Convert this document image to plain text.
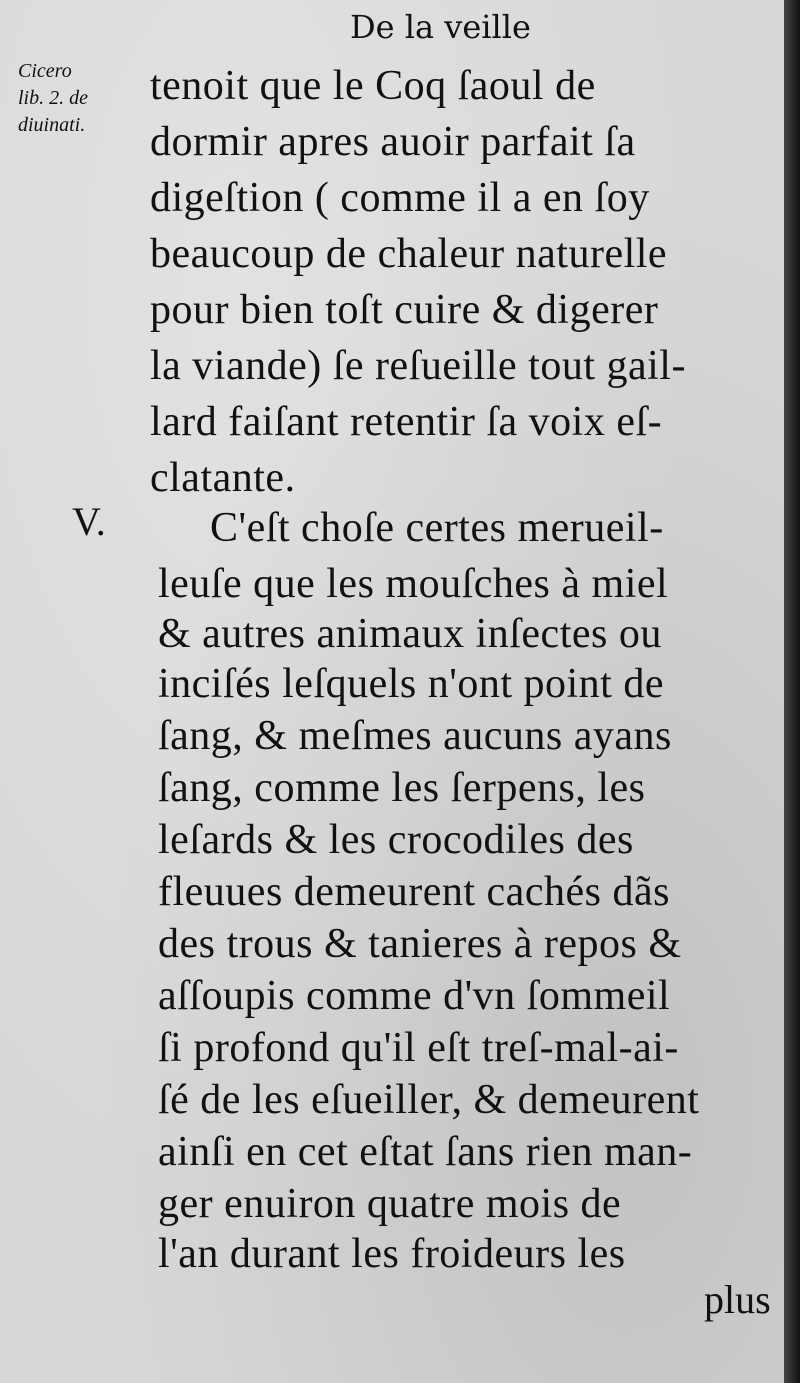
De la veille
Cicero
lib. 2. de
diuinati.
V.
tenoit que le Coq ſaoul de
dormir apres auoir parfait ſa
digeſtion ( comme il a en ſoy
beaucoup de chaleur naturelle
pour bien toſt cuire & digerer
la viande) ſe reſueille tout gail-
lard faiſant retentir ſa voix eſ-
clatante.
C'eſt choſe certes merueil-
leuſe que les mouſches à miel
& autres animaux inſectes ou
inciſés leſquels n'ont point de
ſang, & meſmes aucuns ayans
ſang, comme les ſerpens, les
leſards & les crocodiles des
fleuues demeurent cachés dãs
des trous & tanieres à repos &
aſſoupis comme d'vn ſommeil
ſi profond qu'il eſt treſ-mal-ai-
ſé de les eſueiller, & demeurent
ainſi en cet eſtat ſans rien man-
ger enuiron quatre mois de
l'an durant les froideurs les
plus
